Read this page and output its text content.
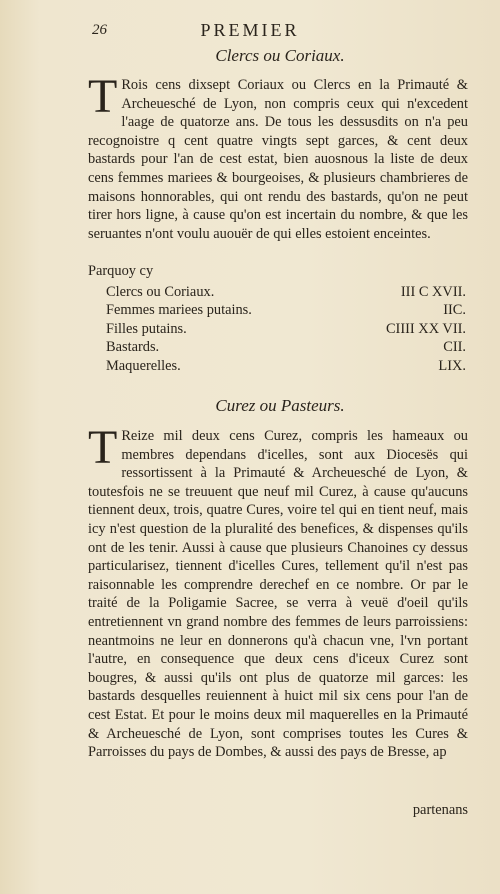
26	PREMIER
Clercs ou Coriaux.
T Rois cens dixsept Coriaux ou Clercs en la Primauté & Archeuesché de Lyon, non compris ceux qui n'excedent l'aage de quatorze ans. De tous les dessusdits on n'a peu recognoistre q cent quatre vingts sept garces, & cent deux bastards pour l'an de cest estat, bien auosnous la liste de deux cens femmes mariees & bourgeoises, & plusieurs chambrieres de maisons honnorables, qui ont rendu des bastards, qu'on ne peut tirer hors ligne, à cause qu'on est incertain du nombre, & que les seruantes n'ont voulu auouër de qui elles estoient enceintes.
Parquoy cy
Clercs ou Coriaux.	III C XVII.
Femmes mariees putains.	IIC.
Filles putains.	CIIII XX VII.
Bastards.	CII.
Maquerelles.	LIX.
Curez ou Pasteurs.
T Reize mil deux cens Curez, compris les hameaux ou membres dependans d'icelles, sont aux Diocesës qui ressortissent à la Primauté & Archeuesché de Lyon, & toutesfois ne se treuuent que neuf mil Curez, à cause qu'aucuns tiennent deux, trois, quatre Cures, voire tel qui en tient neuf, mais icy n'est question de la pluralité des benefices, & dispenses qu'ils ont de les tenir. Aussi à cause que plusieurs Chanoines cy dessus particularisez, tiennent d'icelles Cures, tellement qu'il n'est pas raisonnable les comprendre derechef en ce nombre. Or par le traité de la Poligamie Sacree, se verra à veuë d'oeil qu'ils entretiennent vn grand nombre des femmes de leurs parroissiens: neantmoins ne leur en donnerons qu'à chacun vne, l'vn portant l'autre, en consequence que deux cens d'iceux Curez sont bougres, & aussi qu'ils ont plus de quatorze mil garces: les bastards desquelles reuiennent à huict mil six cens pour l'an de cest Estat. Et pour le moins deux mil maquerelles en la Primauté & Archeuesché de Lyon, sont comprises toutes les Cures & Parroisses du pays de Dombes, & aussi des pays de Bresse, ap
partenans
